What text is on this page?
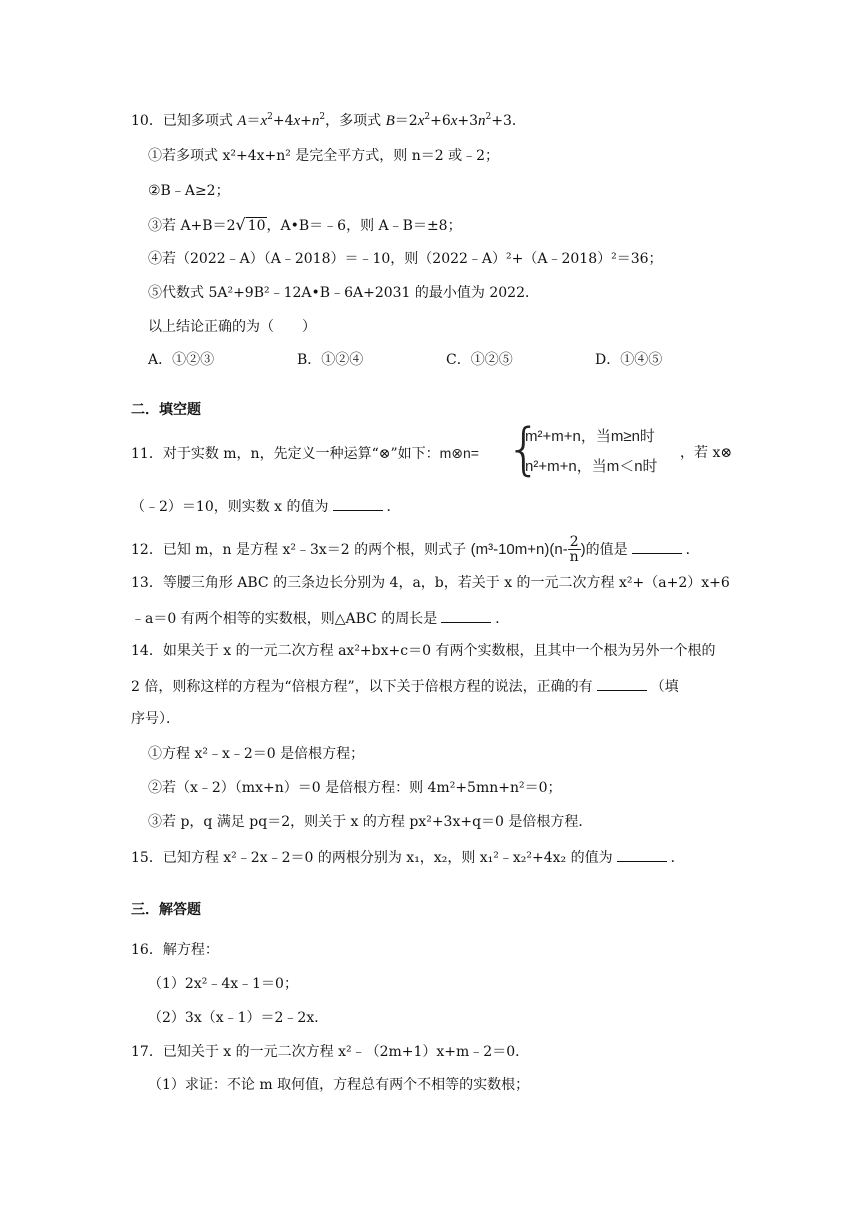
10．已知多项式 $A=x^2+4x+n^2$，多项式 $B=2x^2+6x+3n^2+3$．
①若多项式 x²+4x+n² 是完全平方式，则 n＝2 或﹣2；
②B﹣A≥2；
③若 A+B＝2√ 10，A•B＝﹣6，则 A﹣B＝±8；
④若（2022﹣A）（A﹣2018）＝﹣10，则（2022﹣A）²+（A﹣2018）²＝36；
⑤代数式 5A²+9B²﹣12A•B﹣6A+2031 的最小值为 2022．
以上结论正确的为（　　）
A．①②③	B．①②④	C．①②⑤	D．①④⑤
二．填空题
11．对于实数 m，n，先定义一种运算“⊗”如下：m⊗n= {
m²+m+n，当m≥n时
n²+m+n，当m＜n时
，若 x⊗
（﹣2）＝10，则实数 x 的值为	．
12．已知 m，n 是方程 x²﹣3x＝2 的两个根，则式子 $(m^3-10m+n)(n- \frac{2}{n}$ )的值是	．
13．等腰三角形 ABC 的三条边长分别为 4，a，b，若关于 x 的一元二次方程 x²+（a+2）x+6
﹣a＝0 有两个相等的实数根，则△ABC 的周长是	．
14．如果关于 x 的一元二次方程 ax²+bx+c＝0 有两个实数根，且其中一个根为另外一个根的
2 倍，则称这样的方程为“倍根方程”，以下关于倍根方程的说法，正确的有	（填
序号）．
①方程 x²﹣x﹣2＝0 是倍根方程；
②若（x﹣2）（mx+n）＝0 是倍根方程：则 4m²+5mn+n²＝0；
③若 p，q 满足 pq＝2，则关于 x 的方程 px²+3x+q＝0 是倍根方程．
15．已知方程 x²﹣2x﹣2＝0 的两根分别为 x₁，x₂，则 x₁²﹣x₂²+4x₂ 的值为	．
三．解答题
16．解方程：
（1）2x²﹣4x﹣1＝0；
（2）3x（x﹣1）＝2﹣2x．
17．已知关于 x 的一元二次方程 x²﹣（2m+1）x+m﹣2＝0．
（1）求证：不论 m 取何值，方程总有两个不相等的实数根；
